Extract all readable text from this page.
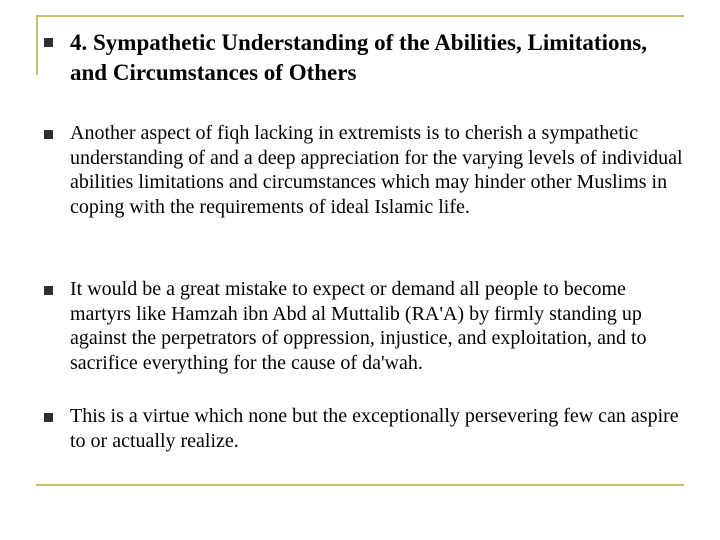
4. Sympathetic Understanding of the Abilities, Limitations, and Circumstances of Others
Another aspect of fiqh lacking in extremists is to cherish a sympathetic understanding of and a deep appreciation for the varying levels of individual abilities limitations and circumstances which may hinder other Muslims in coping with the requirements of ideal Islamic life.
It would be a great mistake to expect or demand all people to become martyrs like Hamzah ibn Abd al Muttalib (RA'A) by firmly standing up against the perpetrators of oppression, injustice, and exploitation, and to sacrifice everything for the cause of da'wah.
This is a virtue which none but the exceptionally persevering few can aspire to or actually realize.
